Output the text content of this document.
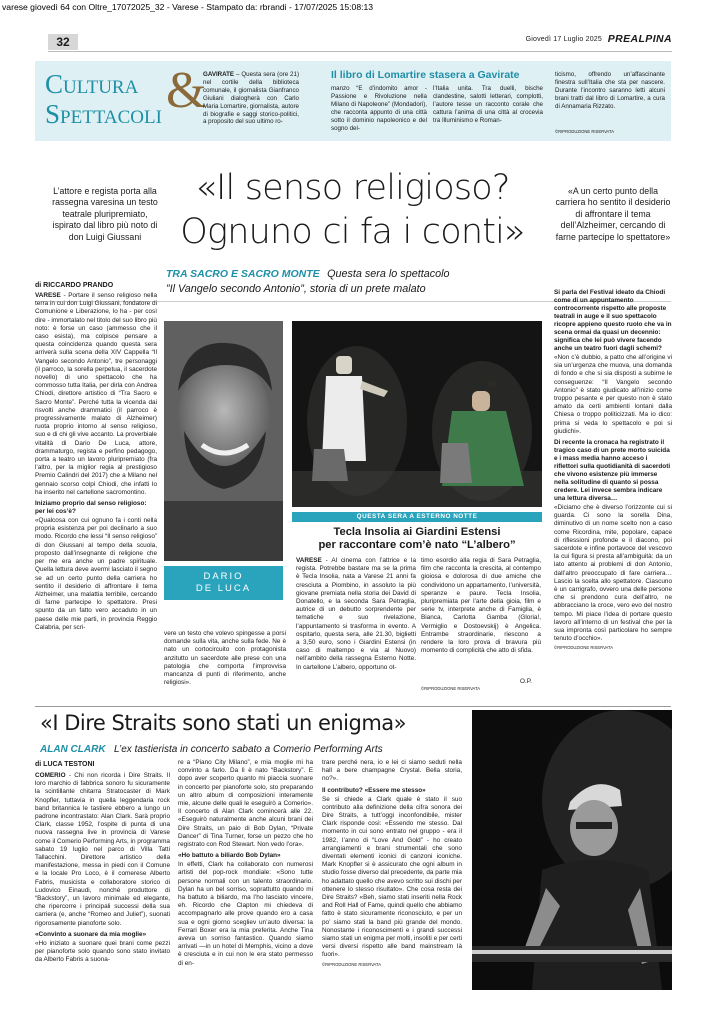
varese giovedì 64 con Oltre_17072025_32 - Varese - Stampato da: rbrandi - 17/07/2025 15:08:13
32	Giovedì 17 Luglio 2025 PREALPINA
Cultura &
Spettacoli
GAVIRATE – Questa sera (ore 21) nel cortile della biblioteca comunale, il giornalista Gianfranco Giuliani dialogherà con Carlo Maria Lomartire, giornalista, autore di biografie e saggi storico-politici, a proposito del suo ultimo ro-
Il libro di Lomartire stasera a Gavirate
manzo “E d’indomito amor - Passione e Rivoluzione nella Milano di Napoleone” (Mondadori), che racconta appunto di una città sotto il dominio napoleonico e del sogno del-
l’Italia unita. Tra duelli, bische clandestine, salotti letterari, complotti, l’autore tesse un racconto corale che cattura l’anima di una città al crocevia tra Illuminismo e Roman-
ticismo, offrendo un’affascinante finestra sull’Italia che sta per nascere. Durante l’incontro saranno letti alcuni brani tratti dal libro di Lomartire, a cura di Annamaria Rizzato.
©RIPRODUZIONE RISERVATA
«Il senso religioso?
Ognuno ci fa i conti»
L’attore e regista porta alla rassegna varesina un testo teatrale pluripremiato, ispirato dal libro più noto di don Luigi Giussani
«A un certo punto della carriera ho sentito il desiderio di affrontare il tema dell’Alzheimer, cercando di farne partecipe lo spettatore»
TRA SACRO E SACRO MONTE Questa sera lo spettacolo
”Il Vangelo secondo Antonio”, storia di un prete malato
di RICCARDO PRANDO

VARESE - Portare il senso religioso nella terra in cui don Luigi Giussani, fondatore di Comunione e Liberazione, lo ha - per così dire - immortalato nel titolo del suo libro più noto: è forse un caso (ammesso che il caso esista), ma colpisce pensare a questa coincidenza quando questa sera arriverà sulla scena della XIV Cappella “Il Vangelo secondo Antonio”, tre personaggi (il parroco, la sorella perpetua, il sacerdote novello) di uno spettacolo che ha commosso tutta Italia, per dirla con Andrea Chiodi, direttore artistico di “Tra Sacro e Sacro Monte”. Perché tutta la vicenda dai risvolti anche drammatici (il parroco è progressivamente malato di Alzheimer) ruota proprio intorno al senso religioso, suo e di chi gli vive accanto. La proverbiale vitalità di Dario De Luca, attore, drammaturgo, regista e perfino pedagogo, porta a teatro un lavoro pluripremiato (fra l’altro, per la miglior regia al prestigioso Premio Calindri del 2017) che a Milano nel gennaio scorso colpì Chiodi, che infatti lo ha inserito nel cartellone sacromontino.

Iniziamo proprio dal senso religioso: per lei cos’è?

«Qualcosa con cui ognuno fa i conti nella propria esistenza per poi declinarlo a suo modo. Ricordo che lessi “Il senso religioso” di don Giussani al tempo della scuola, proposto dall’insegnante di religione che per me era anche un padre spirituale. Quella lettura deve avermi lasciato il segno se ad un certo punto della carriera ho sentito il desiderio di affrontare il tema Alzheimer, una malattia terribile, cercando di farne partecipe lo spettatore. Presi spunto da un fatto vero accaduto in un paese delle mie parti, in provincia Reggio Calabria, per scri-

DARIO
DE LUCA
vere un testo che volevo spingesse a porsi domande sulla vita, anche sulla fede. Ne è nato un cortocircuito con protagonista anzitutto un sacerdote alle prese con una patologia che comporta l’improvvisa mancanza di punti di riferimento, anche religiosi».
QUESTA SERA A ESTERNO NOTTE
Tecla Insolia ai Giardini Estensi
per raccontare com’è nato “L’albero”
VARESE - Al cinema con l’attrice e la regista. Potrebbe bastare ma se la prima è Tecla Insolia, nata a Varese 21 anni fa cresciuta a Piombino, in assoluto la più giovane premiata nella storia dei David di Donatello, e la seconda Sara Petraglia, autrice di un debutto sorprendente per tematiche e suo rivelazione, l’appuntamento si trasforma in evento. A ospitarlo, questa sera, alle 21.30, biglietti a 3,50 euro, sono i Giardini Estensi (in caso di maltempo e via al Nuovo) nell’ambito della rassegna Esterno Notte. In cartellone L’albero, opportuno ot-
timo esordio alla regia di Sara Petraglia, film che racconta la crescita, al contempo gioiosa e dolorosa di due amiche che condividono un appartamento, l’università, speranze e paure. Tecla Insolia, pluripremiata per l’arte della gioia, film e serie tv, interprete anche di Famiglia, è Bianca, Carlotta Gamba (Gloria!, Vermiglio e Dostoevskij) è Angelica. Entrambe straordinarie, riescono a rendere la loro prova di bravura più momento di complicità che atto di sfida.
O.P.
©RIPRODUZIONE RISERVATA
Si parla del Festival ideato da Chiodi come di un appuntamento controcorrente rispetto alle proposte teatrali in auge e il suo spettacolo ricopre appieno questo ruolo che va in scena ormai da quasi un decennio: significa che lei può vivere facendo anche un teatro fuori dagli schemi?

«Non c’è dubbio, a patto che all’origine vi sia un’urgenza che muova, una domanda di fondo e che si sia disposti a subirne le conseguenze: “Il Vangelo secondo Antonio” è stato giudicato all’inizio come troppo pesante e per questo non è stato amato da certi ambienti lontani dalla Chiesa o troppo politicizzati. Ma io dico: prima si veda lo spettacolo e poi si giudichi».

Di recente la cronaca ha registrato il tragico caso di un prete morto suicida e i mass media hanno acceso i riflettori sulla quotidianità di sacerdoti che vivono esistenze più immerse nella solitudine di quanto si possa credere. Lei invece sembra indicare una lettura diversa…

«Diciamo che è diverso l’orizzonte cui si guarda. Ci sono la sorella Dina, diminutivo di un nome scelto non a caso come Ricordina, mite, popolare, capace di riflessioni profonde e il diacono, poi sacerdote e infine portavoce del vescovo la cui figura si presta all’ambiguità: da un lato attento ai problemi di don Antonio, dall’altro preoccupato di fare carriera… Lascio la scelta allo spettatore. Ciascuno è un carrigrafo, ovvero una delle persone che si prendono cura dell’altro, ne abbracciano la croce, vero evo del nostro tempo. Mi piace l’idea di portare questo lavoro all’interno di un festival che per la sua impronta così particolare ho sempre tenuto d’occhio».

©RIPRODUZIONE RISERVATA
«I Dire Straits sono stati un enigma»
ALAN CLARK L’ex tastierista in concerto sabato a Comerio Performing Arts
di LUCA TESTONI

COMERIO - Chi non ricorda i Dire Straits. Il loro marchio di fabbrica sonoro fu sicuramente la scintillante chitarra Stratocaster di Mark Knopfler, tuttavia in quella leggendaria rock band britannica le tastiere ebbero a lungo un padrone incontrastato: Alan Clark. Sarà proprio Clark, classe 1952, l’ospite di punta di una nuova rassegna live in provincia di Varese come il Comerio Performing Arts, in programma sabato 19 luglio nel parco di Villa Tatti Tallacchini. Direttore artistico della manifestazione, messa in piedi con il Comune e la locale Pro Loco, è il comerese Alberto Fabris, musicista e collaboratore storico di Ludovico Einaudi, nonché produttore di “Backstory”, un lavoro minimale ed elegante, che ripercorre i principali successi della sua carriera (e, anche “Romeo and Juliet”), suonati rigorosamente pianoforte solo.

«Convinto a suonare da mia moglie»

«Ho iniziato a suonare quei brani come pezzi per pianoforte solo quando sono stato invitato da Alberto Fabris a suona-

re a “Piano City Milano”, e mia moglie mi ha convinto a farlo. Da lì è nato “Backstory”. E dopo aver scoperto quanto mi piaccia suonare in concerto per pianoforte solo, sto preparando un altro album di composizioni interamente mie, alcune delle quali le eseguirò a Comerio». Il concerto di Alan Clark comincerà alle 22. «Eseguirò naturalmente anche alcuni brani dei Dire Straits, un paio di Bob Dylan, “Private Dancer” di Tina Turner, forse un pezzo che ho registrato con Rod Stewart. Non vedo l’ora».

«Ho battuto a biliardo Bob Dylan»

In effetti, Clark ha collaborato con numerosi artisti del pop-rock mondiale: «Sono tutte persone normali con un talento straordinario. Dylan ha un bel sorriso, soprattutto quando mi ha battuto a biliardo, ma l’ho lasciato vincere, eh. Ricordo che Clapton mi chiedeva di accompagnarlo alle prove quando ero a casa sua e ogni giorno scegliev un’auto diversa: la Ferrari Boxer era la mia preferita. Anche Tina aveva un sorriso fantastico. Quando siamo arrivati —in un hotel di Memphis, vicino a dove è cresciuta e in cui non le era stato permesso di en-

trare perché nera, io e lei ci siamo seduti nella hall a bere champagne Crystal. Bella storia, no?».

Il contributo? «Essere me stesso»

Se si chiede a Clark quale è stato il suo contributo alla definizione della cifra sonora dei Dire Straits, a tutt’oggi inconfondibile, mister Clark risponde così: «Essendo me stesso. Dal momento in cui sono entrato nel gruppo - era il 1982, l’anno di “Love And Gold” - ho creato arrangiamenti e brani strumentali che sono diventati elementi iconici di canzoni iconiche. Mark Knopfler si è assicurato che ogni album in studio fosse diverso dal precedente, da parte mia ho adattato quello che avevo scritto sui dischi per ottenere lo stesso risultato». Che cosa resta dei Dire Straits? «Beh, siamo stati inseriti nella Rock and Roll Hall of Fame, quindi quello che abbiamo fatto è stato sicuramente riconosciuto, e per un po’ siamo stati la band più grande del mondo. Nonostante i riconoscimenti e i grandi successi siamo stati un enigma per molti, insoliti e per certi versi diversi rispetto alle band mainstream là fuori».

©RIPRODUZIONE RISERVATA
